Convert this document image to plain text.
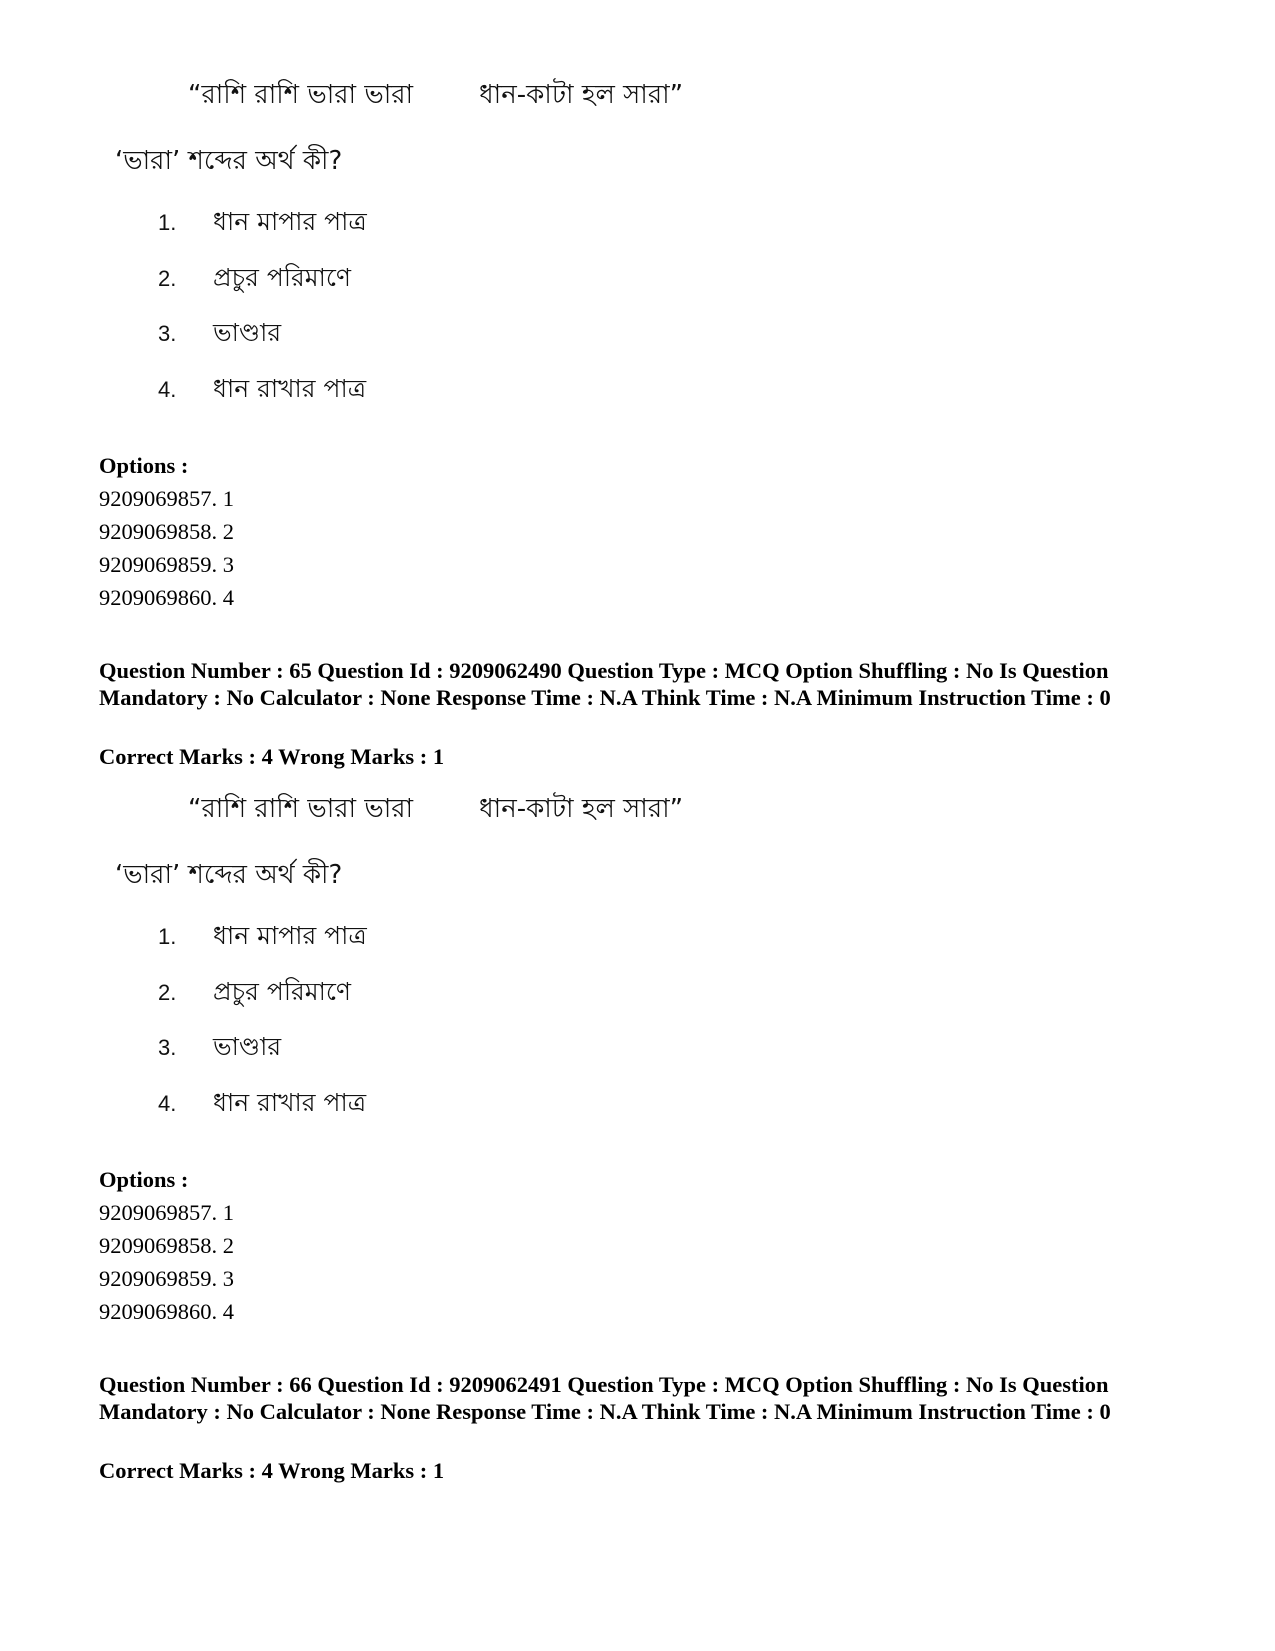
“রাশি রাশি ভারা ভারা	ধান-কাটা হল সারা”
‘ভারা’ শব্দের অর্থ কী?
1. ধান মাপার পাত্র
2. প্রচুর পরিমাণে
3. ভাণ্ডার
4. ধান রাখার পাত্র
Options :
9209069857. 1
9209069858. 2
9209069859. 3
9209069860. 4
Question Number : 65 Question Id : 9209062490 Question Type : MCQ Option Shuffling : No Is Question Mandatory : No Calculator : None Response Time : N.A Think Time : N.A Minimum Instruction Time : 0
Correct Marks : 4 Wrong Marks : 1
“রাশি রাশি ভারা ভারা	ধান-কাটা হল সারা”
‘ভারা’ শব্দের অর্থ কী?
1. ধান মাপার পাত্র
2. প্রচুর পরিমাণে
3. ভাণ্ডার
4. ধান রাখার পাত্র
Options :
9209069857. 1
9209069858. 2
9209069859. 3
9209069860. 4
Question Number : 66 Question Id : 9209062491 Question Type : MCQ Option Shuffling : No Is Question Mandatory : No Calculator : None Response Time : N.A Think Time : N.A Minimum Instruction Time : 0
Correct Marks : 4 Wrong Marks : 1
